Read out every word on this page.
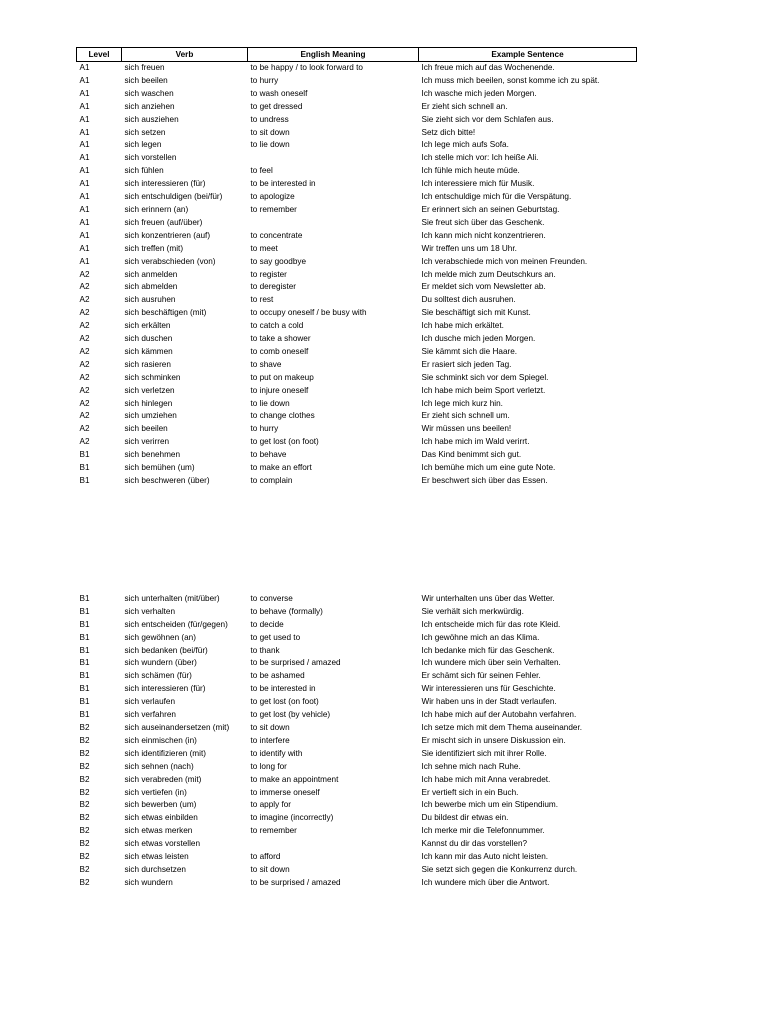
Level	Verb	English Meaning	Example Sentence
A1	sich freuen	to be happy / to look forward to	Ich freue mich auf das Wochenende.
A1	sich beeilen	to hurry	Ich muss mich beeilen, sonst komme ich zu spät.
A1	sich waschen	to wash oneself	Ich wasche mich jeden Morgen.
A1	sich anziehen	to get dressed	Er zieht sich schnell an.
A1	sich ausziehen	to undress	Sie zieht sich vor dem Schlafen aus.
A1	sich setzen	to sit down	Setz dich bitte!
A1	sich legen	to lie down	Ich lege mich aufs Sofa.
A1	sich vorstellen		Ich stelle mich vor: Ich heiße Ali.
A1	sich fühlen	to feel	Ich fühle mich heute müde.
A1	sich interessieren (für)	to be interested in	Ich interessiere mich für Musik.
A1	sich entschuldigen (bei/für)	to apologize	Ich entschuldige mich für die Verspätung.
A1	sich erinnern (an)	to remember	Er erinnert sich an seinen Geburtstag.
A1	sich freuen (auf/über)		Sie freut sich über das Geschenk.
A1	sich konzentrieren (auf)	to concentrate	Ich kann mich nicht konzentrieren.
A1	sich treffen (mit)	to meet	Wir treffen uns um 18 Uhr.
A1	sich verabschieden (von)	to say goodbye	Ich verabschiede mich von meinen Freunden.
A2	sich anmelden	to register	Ich melde mich zum Deutschkurs an.
A2	sich abmelden	to deregister	Er meldet sich vom Newsletter ab.
A2	sich ausruhen	to rest	Du solltest dich ausruhen.
A2	sich beschäftigen (mit)	to occupy oneself / be busy with	Sie beschäftigt sich mit Kunst.
A2	sich erkälten	to catch a cold	Ich habe mich erkältet.
A2	sich duschen	to take a shower	Ich dusche mich jeden Morgen.
A2	sich kämmen	to comb oneself	Sie kämmt sich die Haare.
A2	sich rasieren	to shave	Er rasiert sich jeden Tag.
A2	sich schminken	to put on makeup	Sie schminkt sich vor dem Spiegel.
A2	sich verletzen	to injure oneself	Ich habe mich beim Sport verletzt.
A2	sich hinlegen	to lie down	Ich lege mich kurz hin.
A2	sich umziehen	to change clothes	Er zieht sich schnell um.
A2	sich beeilen	to hurry	Wir müssen uns beeilen!
A2	sich verirren	to get lost (on foot)	Ich habe mich im Wald verirrt.
B1	sich benehmen	to behave	Das Kind benimmt sich gut.
B1	sich bemühen (um)	to make an effort	Ich bemühe mich um eine gute Note.
B1	sich beschweren (über)	to complain	Er beschwert sich über das Essen.

B1	sich unterhalten (mit/über)	to converse	Wir unterhalten uns über das Wetter.
B1	sich verhalten	to behave (formally)	Sie verhält sich merkwürdig.
B1	sich entscheiden (für/gegen)	to decide	Ich entscheide mich für das rote Kleid.
B1	sich gewöhnen (an)	to get used to	Ich gewöhne mich an das Klima.
B1	sich bedanken (bei/für)	to thank	Ich bedanke mich für das Geschenk.
B1	sich wundern (über)	to be surprised / amazed	Ich wundere mich über sein Verhalten.
B1	sich schämen (für)	to be ashamed	Er schämt sich für seinen Fehler.
B1	sich interessieren (für)	to be interested in	Wir interessieren uns für Geschichte.
B1	sich verlaufen	to get lost (on foot)	Wir haben uns in der Stadt verlaufen.
B1	sich verfahren	to get lost (by vehicle)	Ich habe mich auf der Autobahn verfahren.
B2	sich auseinandersetzen (mit)	to sit down	Ich setze mich mit dem Thema auseinander.
B2	sich einmischen (in)	to interfere	Er mischt sich in unsere Diskussion ein.
B2	sich identifizieren (mit)	to identify with	Sie identifiziert sich mit ihrer Rolle.
B2	sich sehnen (nach)	to long for	Ich sehne mich nach Ruhe.
B2	sich verabreden (mit)	to make an appointment	Ich habe mich mit Anna verabredet.
B2	sich vertiefen (in)	to immerse oneself	Er vertieft sich in ein Buch.
B2	sich bewerben (um)	to apply for	Ich bewerbe mich um ein Stipendium.
B2	sich etwas einbilden	to imagine (incorrectly)	Du bildest dir etwas ein.
B2	sich etwas merken	to remember	Ich merke mir die Telefonnummer.
B2	sich etwas vorstellen		Kannst du dir das vorstellen?
B2	sich etwas leisten	to afford	Ich kann mir das Auto nicht leisten.
B2	sich durchsetzen	to sit down	Sie setzt sich gegen die Konkurrenz durch.
B2	sich wundern	to be surprised / amazed	Ich wundere mich über die Antwort.
